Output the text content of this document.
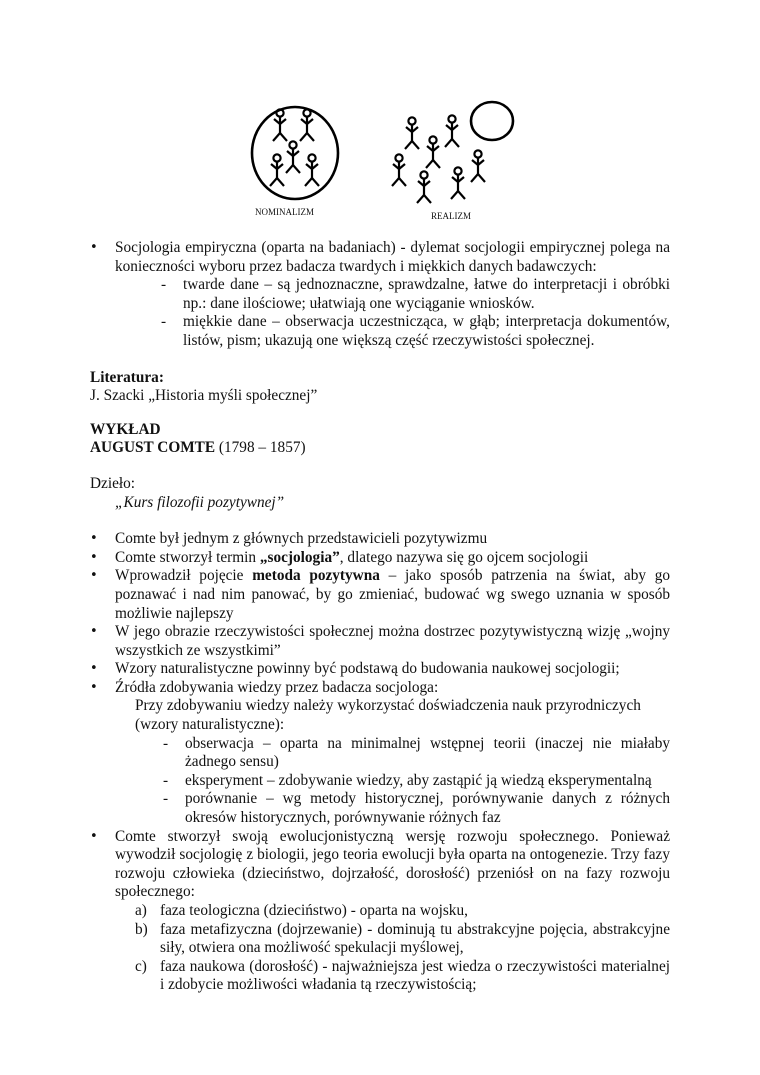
NOMINALIZM	REALIZM
• Socjologia empiryczna (oparta na badaniach) - dylemat socjologii empirycznej polega na konieczności wyboru przez badacza twardych i miękkich danych badawczych:
- twarde dane – są jednoznaczne, sprawdzalne, łatwe do interpretacji i obróbki np.: dane ilościowe; ułatwiają one wyciąganie wniosków.
- miękkie dane – obserwacja uczestnicząca, w głąb; interpretacja dokumentów, listów, pism; ukazują one większą część rzeczywistości społecznej.

Literatura:

J. Szacki „Historia myśli społecznej”

WYKŁAD

AUGUST COMTE (1798 – 1857)

Dzieło:

„Kurs filozofii pozytywnej”

• Comte był jednym z głównych przedstawicieli pozytywizmu
• Comte stworzył termin „socjologia”, dlatego nazywa się go ojcem socjologii
• Wprowadził pojęcie metoda pozytywna – jako sposób patrzenia na świat, aby go poznawać i nad nim panować, by go zmieniać, budować wg swego uznania w sposób możliwie najlepszy
• W jego obrazie rzeczywistości społecznej można dostrzec pozytywistyczną wizję „wojny wszystkich ze wszystkimi”
• Wzory naturalistyczne powinny być podstawą do budowania naukowej socjologii;
• Źródła zdobywania wiedzy przez badacza socjologa:

Przy zdobywaniu wiedzy należy wykorzystać doświadczenia nauk przyrodniczych (wzory naturalistyczne):

- obserwacja – oparta na minimalnej wstępnej teorii (inaczej nie miałaby żadnego sensu)
- eksperyment – zdobywanie wiedzy, aby zastąpić ją wiedzą eksperymentalną
- porównanie – wg metody historycznej, porównywanie danych z różnych okresów historycznych, porównywanie różnych faz
• Comte stworzył swoją ewolucjonistyczną wersję rozwoju społecznego. Ponieważ wywodził socjologię z biologii, jego teoria ewolucji była oparta na ontogenezie. Trzy fazy rozwoju człowieka (dzieciństwo, dojrzałość, dorosłość) przeniósł on na fazy rozwoju społecznego:
a) faza teologiczna (dzieciństwo) - oparta na wojsku,
b) faza metafizyczna (dojrzewanie) - dominują tu abstrakcyjne pojęcia, abstrakcyjne siły, otwiera ona możliwość spekulacji myślowej,
c) faza naukowa (dorosłość) - najważniejsza jest wiedza o rzeczywistości materialnej i zdobycie możliwości władania tą rzeczywistością;
